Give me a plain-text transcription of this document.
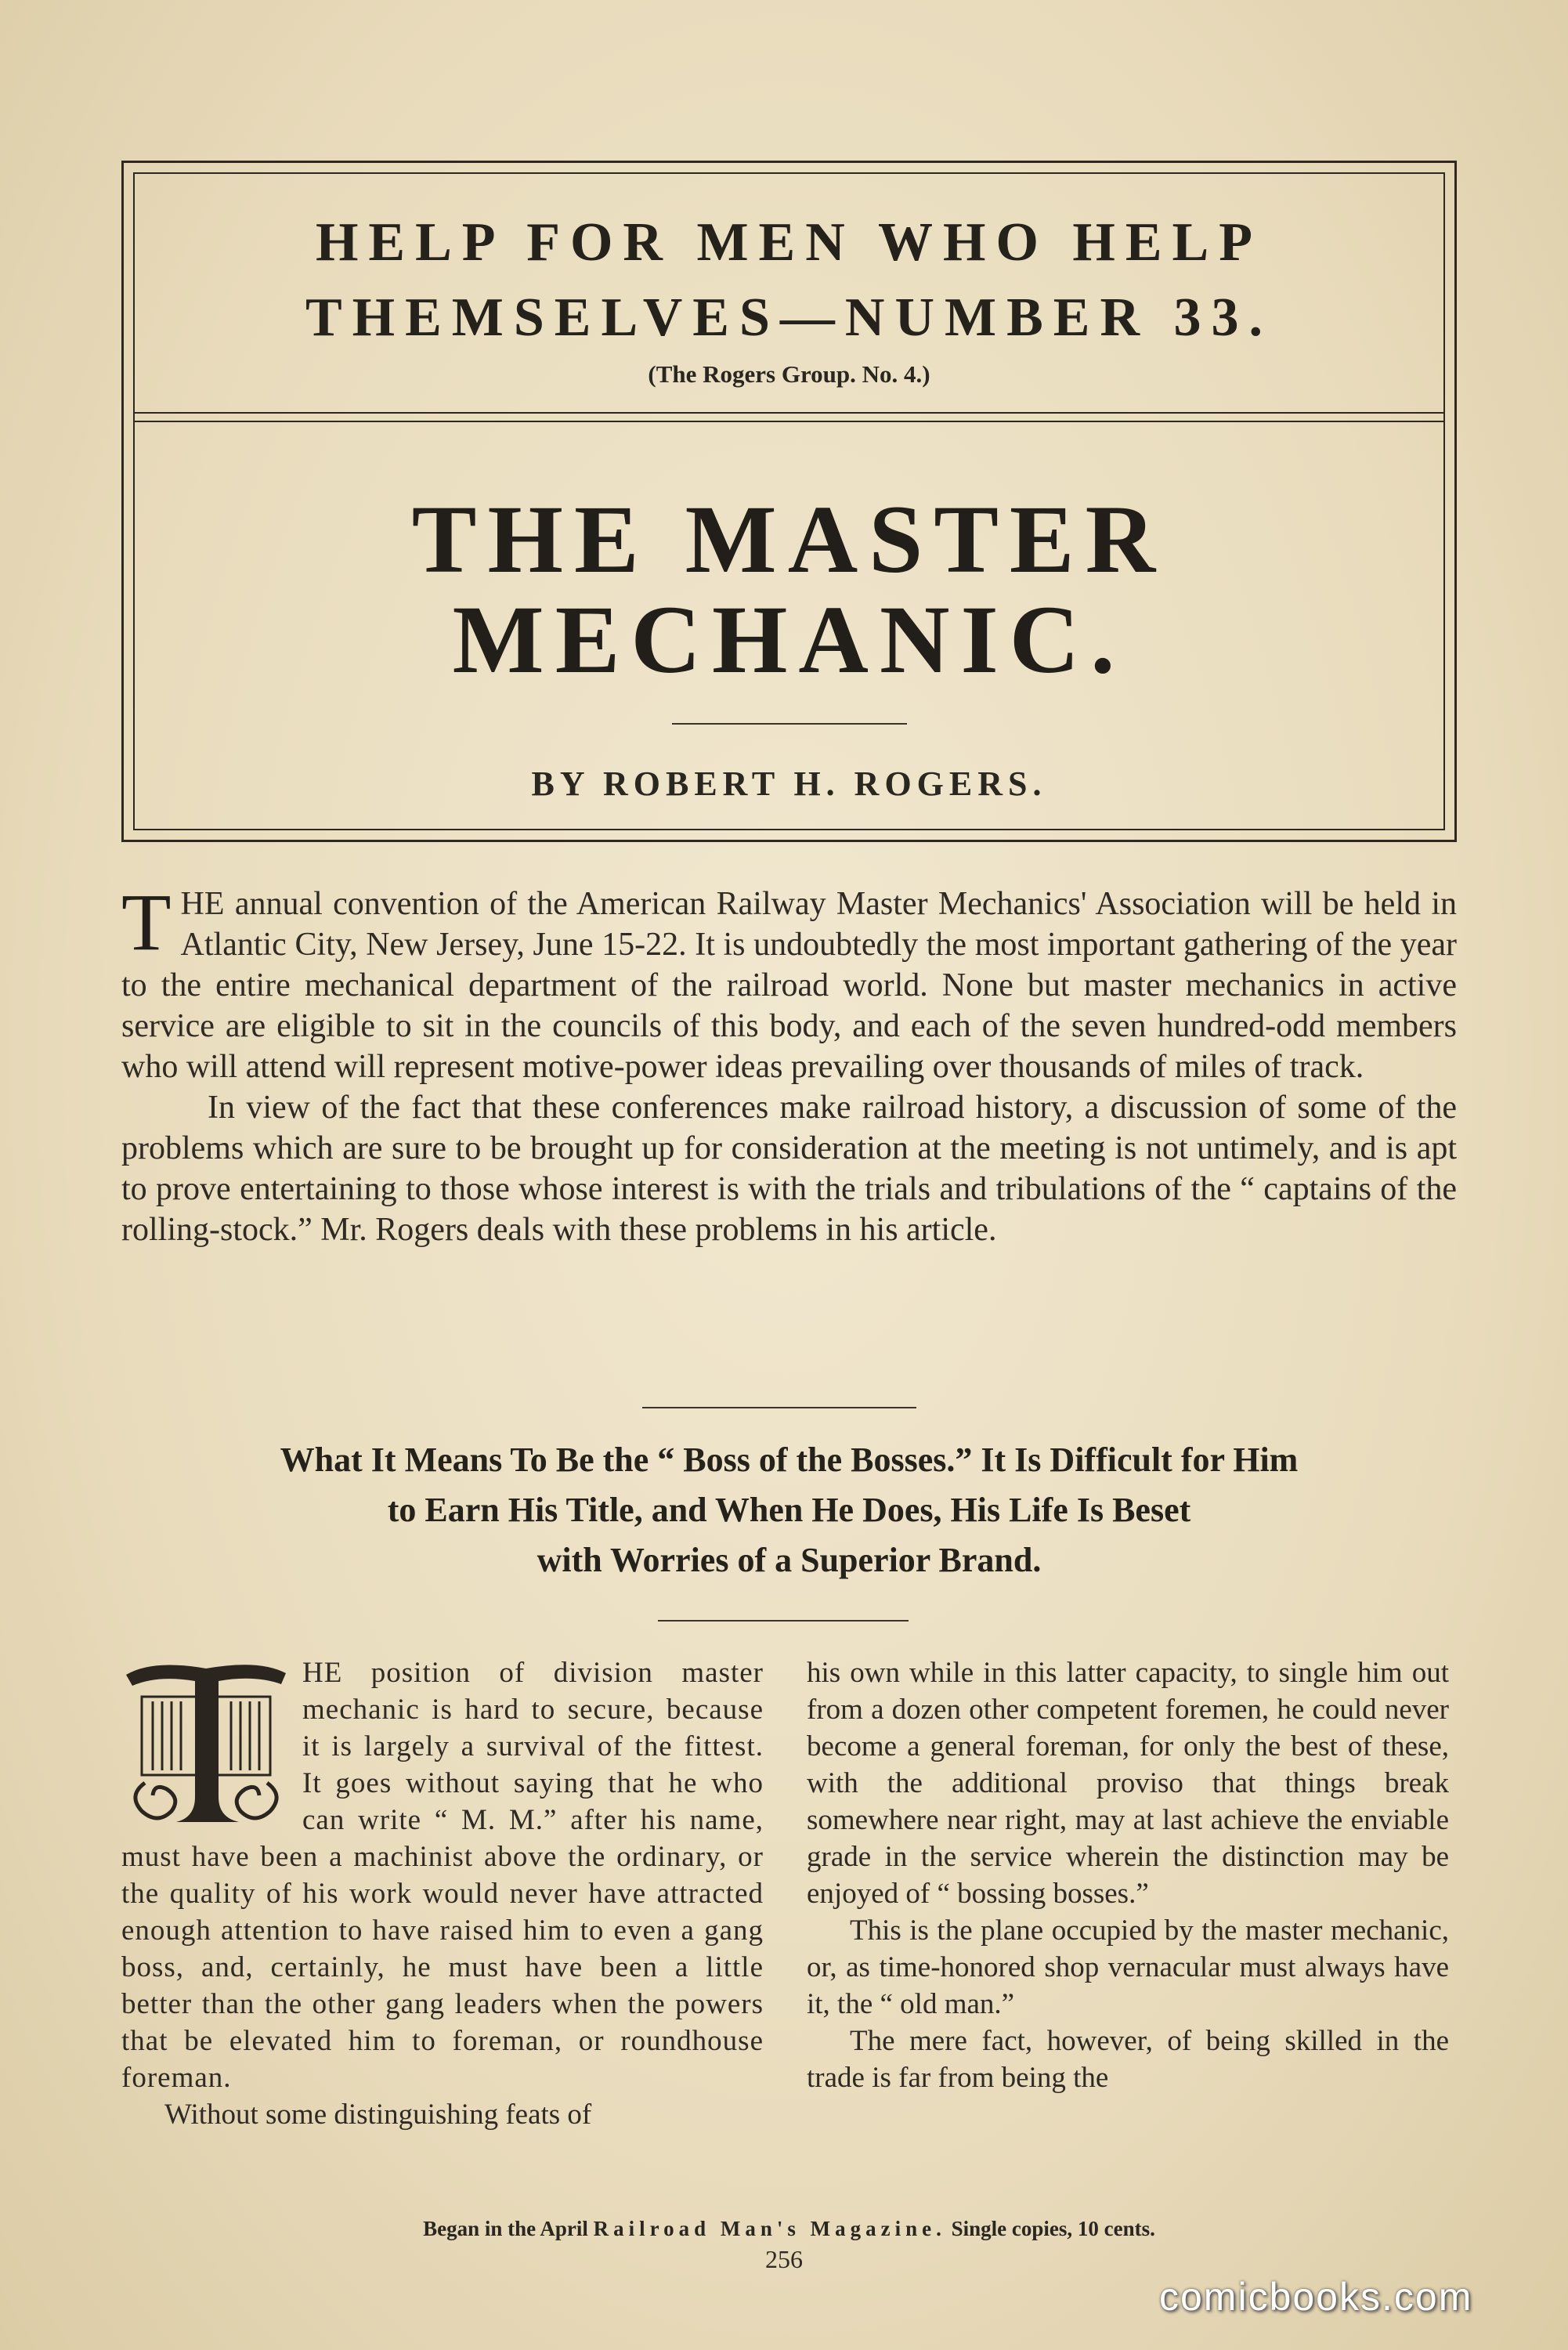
HELP FOR MEN WHO HELP
THEMSELVES—NUMBER 33.
(The Rogers Group. No. 4.)
THE MASTER
MECHANIC.
BY ROBERT H. ROGERS.

THE annual convention of the American Railway Master Mechanics' Association will be held in Atlantic City, New Jersey, June 15-22. It is undoubtedly the most important gathering of the year to the entire mechanical department of the railroad world. None but master mechanics in active service are eligible to sit in the councils of this body, and each of the seven hundred-odd members who will attend will represent motive-power ideas prevailing over thousands of miles of track.

In view of the fact that these conferences make railroad history, a discussion of some of the problems which are sure to be brought up for consideration at the meeting is not untimely, and is apt to prove entertaining to those whose interest is with the trials and tribulations of the “ captains of the rolling-stock.” Mr. Rogers deals with these problems in his article.

What It Means To Be the “ Boss of the Bosses.” It Is Difficult for Him
to Earn His Title, and When He Does, His Life Is Beset
with Worries of a Superior Brand.

HE position of division master mechanic is hard to secure, because it is largely a survival of the fittest. It goes without saying that he who can write “ M. M.” after his name, must have been a machinist above the ordinary, or the quality of his work would never have attracted enough attention to have raised him to even a gang boss, and, certainly, he must have been a little better than the other gang leaders when the powers that be elevated him to foreman, or roundhouse foreman.

Without some distinguishing feats of

his own while in this latter capacity, to single him out from a dozen other competent foremen, he could never become a general foreman, for only the best of these, with the additional proviso that things break somewhere near right, may at last achieve the enviable grade in the service wherein the distinction may be enjoyed of “ bossing bosses.”

This is the plane occupied by the master mechanic, or, as time-honored shop vernacular must always have it, the “ old man.”

The mere fact, however, of being skilled in the trade is far from being the

Began in the April Railroad Man's Magazine. Single copies, 10 cents.
256
comicbooks.com
